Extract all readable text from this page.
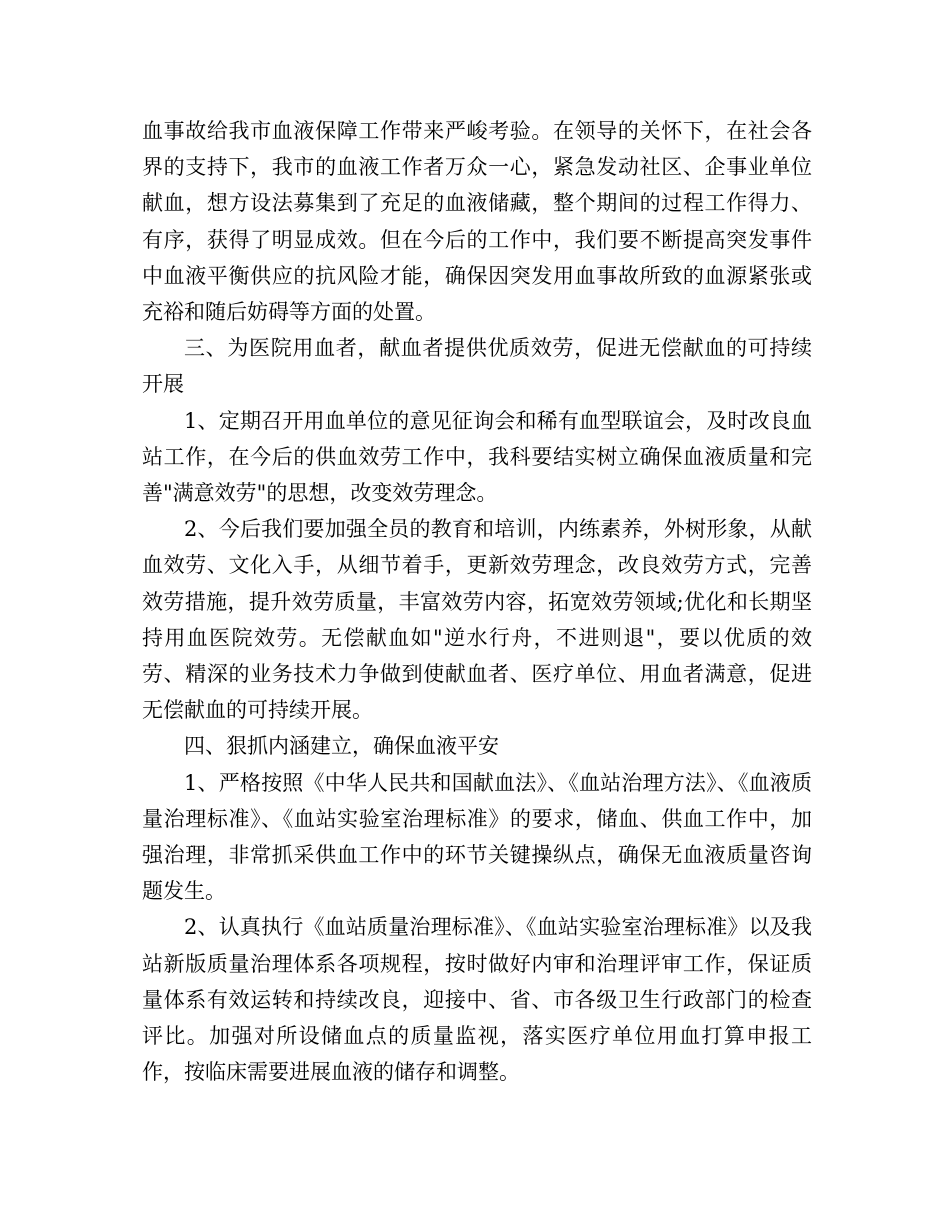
血事故给我市血液保障工作带来严峻考验。在领导的关怀下，在社会各界的支持下，我市的血液工作者万众一心，紧急发动社区、企事业单位献血，想方设法募集到了充足的血液储藏，整个期间的过程工作得力、有序，获得了明显成效。但在今后的工作中，我们要不断提高突发事件中血液平衡供应的抗风险才能，确保因突发用血事故所致的血源紧张或充裕和随后妨碍等方面的处置。

三、为医院用血者，献血者提供优质效劳，促进无偿献血的可持续开展

1、定期召开用血单位的意见征询会和稀有血型联谊会，及时改良血站工作，在今后的供血效劳工作中，我科要结实树立确保血液质量和完善"满意效劳"的思想，改变效劳理念。

2、今后我们要加强全员的教育和培训，内练素养，外树形象，从献血效劳、文化入手，从细节着手，更新效劳理念，改良效劳方式，完善效劳措施，提升效劳质量，丰富效劳内容，拓宽效劳领域;优化和长期坚持用血医院效劳。无偿献血如"逆水行舟，不进则退"，要以优质的效劳、精深的业务技术力争做到使献血者、医疗单位、用血者满意，促进无偿献血的可持续开展。

四、狠抓内涵建立，确保血液平安

1、严格按照《中华人民共和国献血法》、《血站治理方法》、《血液质量治理标准》、《血站实验室治理标准》的要求，储血、供血工作中，加强治理，非常抓采供血工作中的环节关键操纵点，确保无血液质量咨询题发生。

2、认真执行《血站质量治理标准》、《血站实验室治理标准》以及我站新版质量治理体系各项规程，按时做好内审和治理评审工作，保证质量体系有效运转和持续改良，迎接中、省、市各级卫生行政部门的检查评比。加强对所设储血点的质量监视，落实医疗单位用血打算申报工作，按临床需要进展血液的储存和调整。
